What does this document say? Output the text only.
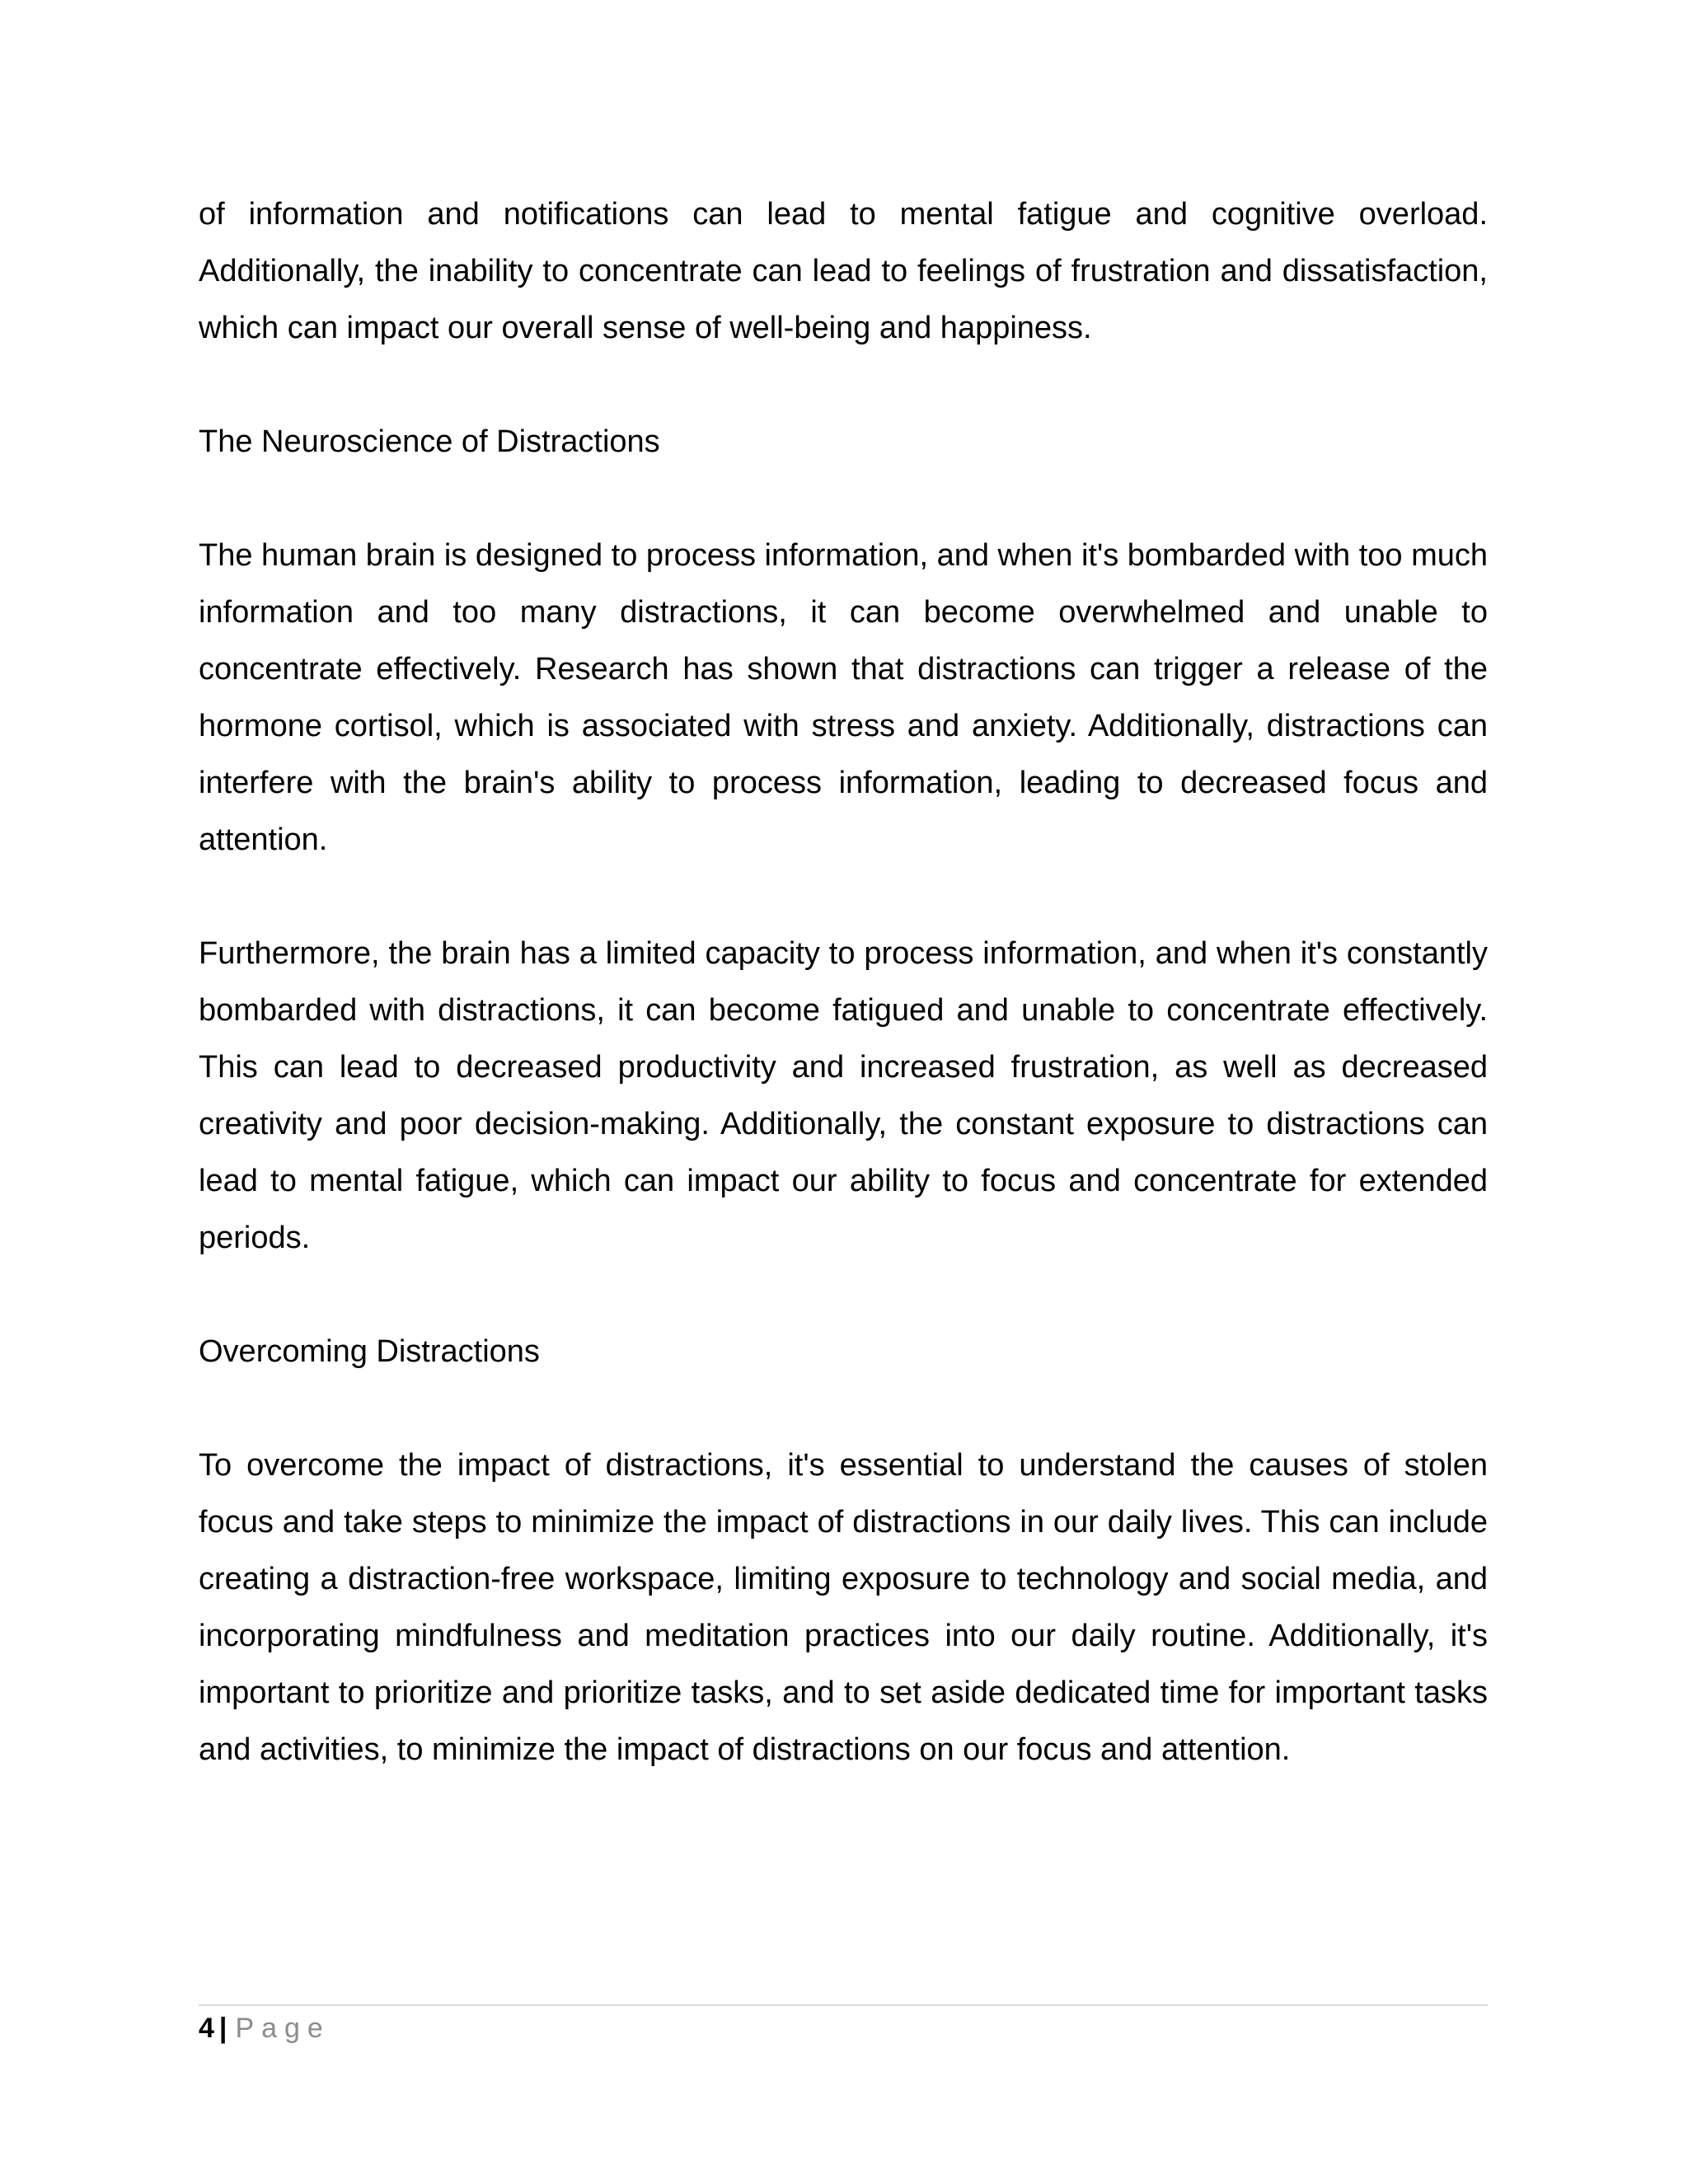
of information and notifications can lead to mental fatigue and cognitive overload. Additionally, the inability to concentrate can lead to feelings of frustration and dissatisfaction, which can impact our overall sense of well-being and happiness.

The Neuroscience of Distractions

The human brain is designed to process information, and when it's bombarded with too much information and too many distractions, it can become overwhelmed and unable to concentrate effectively. Research has shown that distractions can trigger a release of the hormone cortisol, which is associated with stress and anxiety. Additionally, distractions can interfere with the brain's ability to process information, leading to decreased focus and attention.

Furthermore, the brain has a limited capacity to process information, and when it's constantly bombarded with distractions, it can become fatigued and unable to concentrate effectively. This can lead to decreased productivity and increased frustration, as well as decreased creativity and poor decision-making. Additionally, the constant exposure to distractions can lead to mental fatigue, which can impact our ability to focus and concentrate for extended periods.

Overcoming Distractions

To overcome the impact of distractions, it's essential to understand the causes of stolen focus and take steps to minimize the impact of distractions in our daily lives. This can include creating a distraction-free workspace, limiting exposure to technology and social media, and incorporating mindfulness and meditation practices into our daily routine. Additionally, it's important to prioritize and prioritize tasks, and to set aside dedicated time for important tasks and activities, to minimize the impact of distractions on our focus and attention.

4 | Page
